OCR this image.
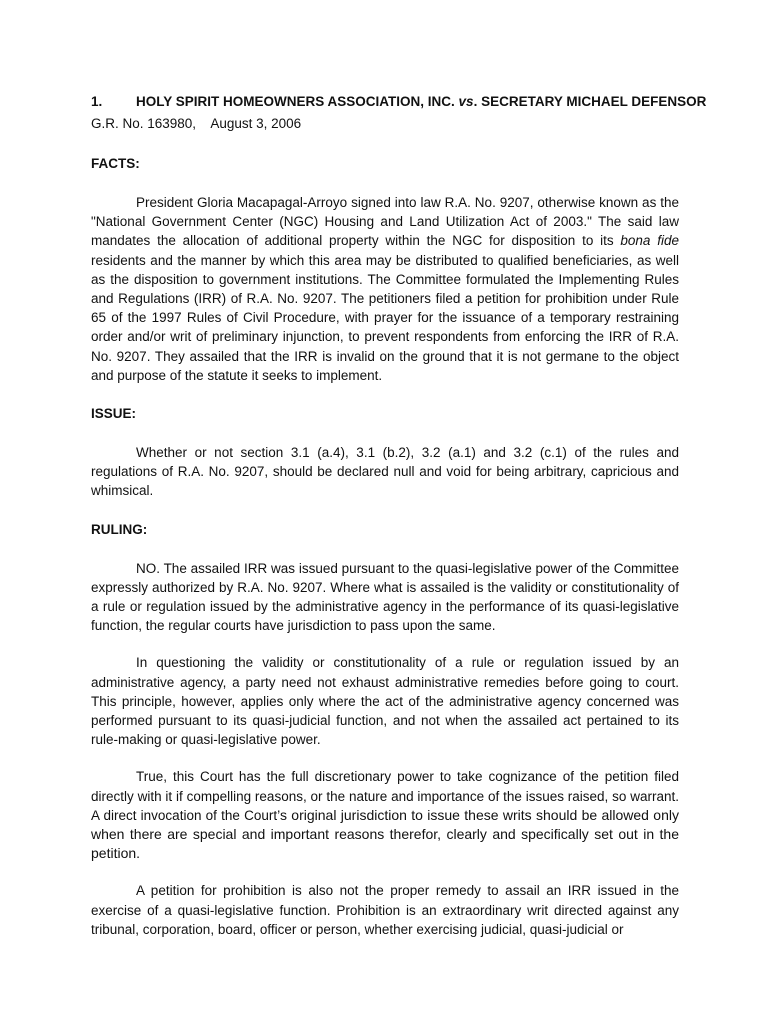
1. HOLY SPIRIT HOMEOWNERS ASSOCIATION, INC. vs. SECRETARY MICHAEL DEFENSOR

G.R. No. 163980,    August 3, 2006

FACTS:

President Gloria Macapagal-Arroyo signed into law R.A. No. 9207, otherwise known as the "National Government Center (NGC) Housing and Land Utilization Act of 2003." The said law mandates the allocation of additional property within the NGC for disposition to its bona fide residents and the manner by which this area may be distributed to qualified beneficiaries, as well as the disposition to government institutions. The Committee formulated the Implementing Rules and Regulations (IRR) of R.A. No. 9207. The petitioners filed a petition for prohibition under Rule 65 of the 1997 Rules of Civil Procedure, with prayer for the issuance of a temporary restraining order and/or writ of preliminary injunction, to prevent respondents from enforcing the IRR of R.A. No. 9207. They assailed that the IRR is invalid on the ground that it is not germane to the object and purpose of the statute it seeks to implement.

ISSUE:

Whether or not section 3.1 (a.4), 3.1 (b.2), 3.2 (a.1) and 3.2 (c.1) of the rules and regulations of R.A. No. 9207, should be declared null and void for being arbitrary, capricious and whimsical.

RULING:

NO. The assailed IRR was issued pursuant to the quasi-legislative power of the Committee expressly authorized by R.A. No. 9207. Where what is assailed is the validity or constitutionality of a rule or regulation issued by the administrative agency in the performance of its quasi-legislative function, the regular courts have jurisdiction to pass upon the same.

In questioning the validity or constitutionality of a rule or regulation issued by an administrative agency, a party need not exhaust administrative remedies before going to court. This principle, however, applies only where the act of the administrative agency concerned was performed pursuant to its quasi-judicial function, and not when the assailed act pertained to its rule-making or quasi-legislative power.

True, this Court has the full discretionary power to take cognizance of the petition filed directly with it if compelling reasons, or the nature and importance of the issues raised, so warrant. A direct invocation of the Court’s original jurisdiction to issue these writs should be allowed only when there are special and important reasons therefor, clearly and specifically set out in the petition.

A petition for prohibition is also not the proper remedy to assail an IRR issued in the exercise of a quasi-legislative function. Prohibition is an extraordinary writ directed against any tribunal, corporation, board, officer or person, whether exercising judicial, quasi-judicial or
